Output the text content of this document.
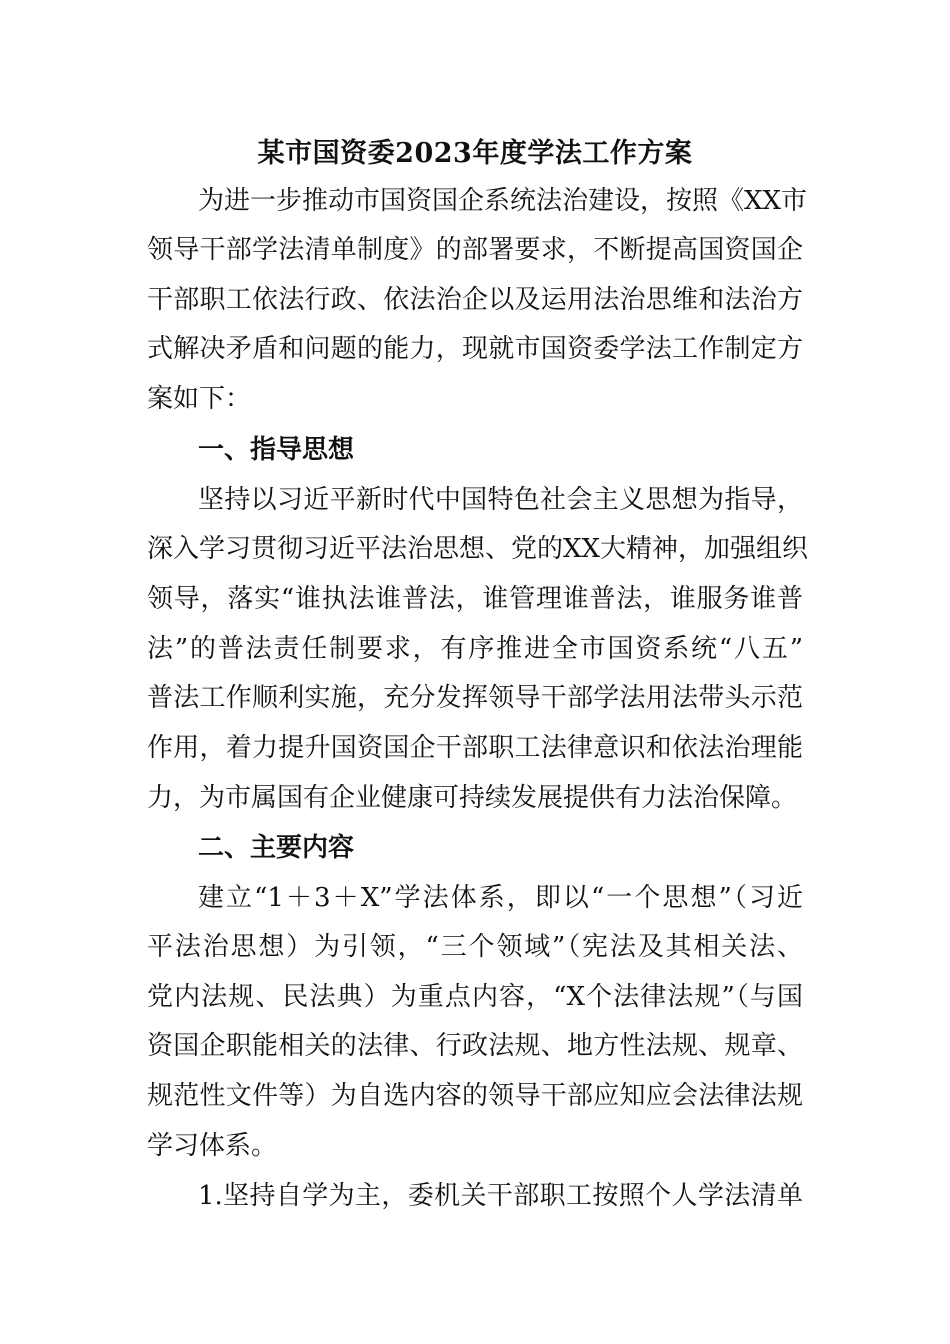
某市国资委2023年度学法工作方案
为进一步推动市国资国企系统法治建设，按照《XX市
领导干部学法清单制度》的部署要求，不断提高国资国企
干部职工依法行政、依法治企以及运用法治思维和法治方
式解决矛盾和问题的能力，现就市国资委学法工作制定方
案如下：
一、指导思想
坚持以习近平新时代中国特色社会主义思想为指导，
深入学习贯彻习近平法治思想、党的XX大精神，加强组织
领导，落实“谁执法谁普法，谁管理谁普法，谁服务谁普
法”的普法责任制要求，有序推进全市国资系统“八五”
普法工作顺利实施，充分发挥领导干部学法用法带头示范
作用，着力提升国资国企干部职工法律意识和依法治理能
力，为市属国有企业健康可持续发展提供有力法治保障。
二、主要内容
建立“1＋3＋X”学法体系，即以“一个思想”（习近
平法治思想）为引领，“三个领域”（宪法及其相关法、
党内法规、民法典）为重点内容，“X个法律法规”（与国
资国企职能相关的法律、行政法规、地方性法规、规章、
规范性文件等）为自选内容的领导干部应知应会法律法规
学习体系。
1.坚持自学为主，委机关干部职工按照个人学法清单
